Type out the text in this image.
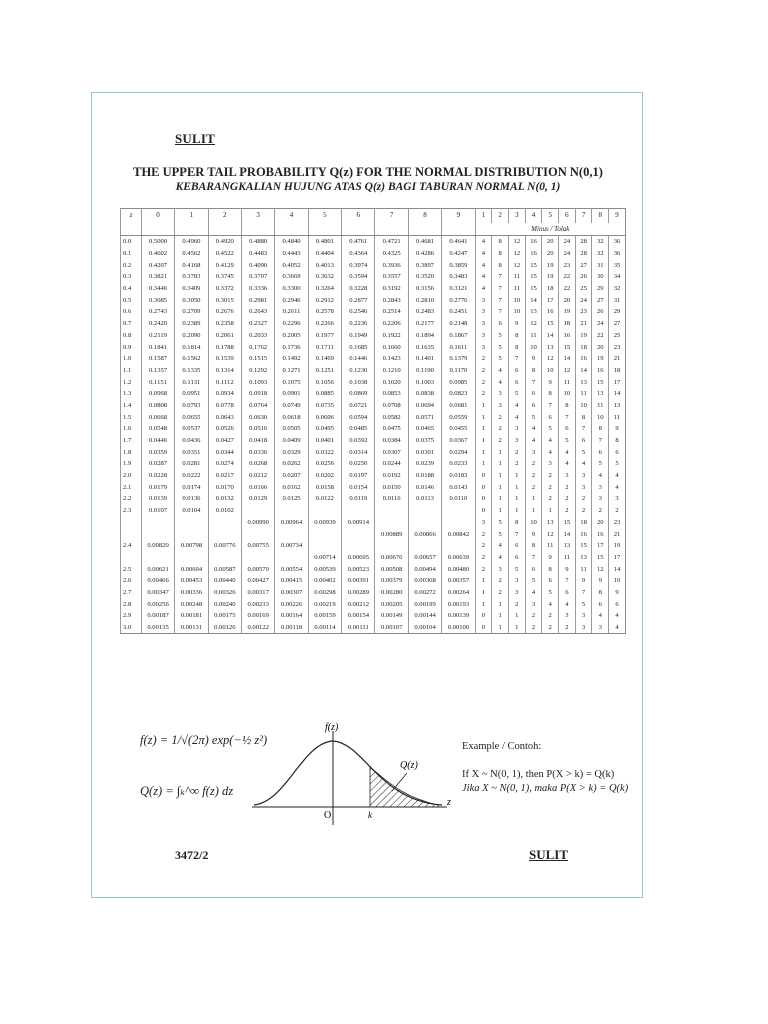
SULIT
THE UPPER TAIL PROBABILITY Q(z) FOR THE NORMAL DISTRIBUTION N(0,1)
KEBARANGKALIAN HUJUNG ATAS Q(z) BAGI TABURAN NORMAL N(0, 1)
z	0	1	2	3	4	5	6	7	8	9	1	2	3	4	5	6	7	8	9
											Minus / Tolak								
0.0	0.5000	0.4960	0.4920	0.4880	0.4840	0.4801	0.4761	0.4721	0.4681	0.4641	4	8	12	16	20	24	28	32	36
0.1	0.4602	0.4562	0.4522	0.4483	0.4443	0.4404	0.4364	0.4325	0.4286	0.4247	4	8	12	16	20	24	28	32	36
0.2	0.4207	0.4168	0.4129	0.4090	0.4052	0.4013	0.3974	0.3936	0.3897	0.3859	4	8	12	15	19	23	27	31	35
0.3	0.3821	0.3783	0.3745	0.3707	0.3669	0.3632	0.3594	0.3557	0.3520	0.3483	4	7	11	15	19	22	26	30	34
0.4	0.3446	0.3409	0.3372	0.3336	0.3300	0.3264	0.3228	0.3192	0.3156	0.3121	4	7	11	15	18	22	25	29	32
0.5	0.3085	0.3050	0.3015	0.2981	0.2946	0.2912	0.2877	0.2843	0.2810	0.2776	3	7	10	14	17	20	24	27	31
0.6	0.2743	0.2709	0.2676	0.2643	0.2611	0.2578	0.2546	0.2514	0.2483	0.2451	3	7	10	13	16	19	23	26	29
0.7	0.2420	0.2389	0.2358	0.2327	0.2296	0.2266	0.2236	0.2206	0.2177	0.2148	3	6	9	12	15	18	21	24	27
0.8	0.2119	0.2090	0.2061	0.2033	0.2005	0.1977	0.1949	0.1922	0.1894	0.1867	3	5	8	11	14	16	19	22	25
0.9	0.1841	0.1814	0.1788	0.1762	0.1736	0.1711	0.1685	0.1660	0.1635	0.1611	3	5	8	10	13	15	18	20	23
1.0	0.1587	0.1562	0.1539	0.1515	0.1492	0.1469	0.1446	0.1423	0.1401	0.1379	2	5	7	9	12	14	16	19	21
1.1	0.1357	0.1335	0.1314	0.1292	0.1271	0.1251	0.1230	0.1210	0.1190	0.1170	2	4	6	8	10	12	14	16	18
1.2	0.1151	0.1131	0.1112	0.1093	0.1075	0.1056	0.1038	0.1020	0.1003	0.0985	2	4	6	7	9	11	13	15	17
1.3	0.0968	0.0951	0.0934	0.0918	0.0901	0.0885	0.0869	0.0853	0.0838	0.0823	2	3	5	6	8	10	11	13	14
1.4	0.0808	0.0793	0.0778	0.0764	0.0749	0.0735	0.0721	0.0708	0.0694	0.0681	1	3	4	6	7	8	10	11	13
1.5	0.0668	0.0655	0.0643	0.0630	0.0618	0.0606	0.0594	0.0582	0.0571	0.0559	1	2	4	5	6	7	8	10	11
1.6	0.0548	0.0537	0.0526	0.0516	0.0505	0.0495	0.0485	0.0475	0.0465	0.0455	1	2	3	4	5	6	7	8	9
1.7	0.0446	0.0436	0.0427	0.0418	0.0409	0.0401	0.0392	0.0384	0.0375	0.0367	1	2	3	4	4	5	6	7	8
1.8	0.0359	0.0351	0.0344	0.0336	0.0329	0.0322	0.0314	0.0307	0.0301	0.0294	1	1	2	3	4	4	5	6	6
1.9	0.0287	0.0281	0.0274	0.0268	0.0262	0.0256	0.0250	0.0244	0.0239	0.0233	1	1	2	2	3	4	4	5	5
2.0	0.0228	0.0222	0.0217	0.0212	0.0207	0.0202	0.0197	0.0192	0.0188	0.0183	0	1	1	2	2	3	3	4	4
2.1	0.0179	0.0174	0.0170	0.0166	0.0162	0.0158	0.0154	0.0150	0.0146	0.0143	0	1	1	2	2	2	3	3	4
2.2	0.0139	0.0136	0.0132	0.0129	0.0125	0.0122	0.0119	0.0116	0.0113	0.0110	0	1	1	1	2	2	2	3	3
2.3	0.0107	0.0104	0.0102								0	1	1	1	1	2	2	2	2
				0.00990	0.00964	0.00939	0.00914				3	5	8	10	13	15	18	20	23
								0.00889	0.00866	0.00842	2	5	7	9	12	14	16	16	21
2.4	0.00820	0.00798	0.00776	0.00755	0.00734						2	4	6	8	11	13	15	17	19
						0.00714	0.00695	0.00676	0.00657	0.00639	2	4	6	7	9	11	13	15	17
2.5	0.00621	0.00604	0.00587	0.00570	0.00554	0.00539	0.00523	0.00508	0.00494	0.00480	2	3	5	6	8	9	11	12	14
2.6	0.00466	0.00453	0.00440	0.00427	0.00415	0.00402	0.00391	0.00379	0.00368	0.00357	1	2	3	5	6	7	9	9	10
2.7	0.00347	0.00336	0.00326	0.00317	0.00307	0.00298	0.00289	0.00280	0.00272	0.00264	1	2	3	4	5	6	7	8	9
2.8	0.00256	0.00248	0.00240	0.00233	0.00226	0.00219	0.00212	0.00205	0.00199	0.00193	1	1	2	3	4	4	5	6	6
2.9	0.00187	0.00181	0.00175	0.00169	0.00164	0.00159	0.00154	0.00149	0.00144	0.00139	0	1	1	2	2	3	3	4	4
3.0	0.00135	0.00131	0.00126	0.00122	0.00118	0.00114	0.00111	0.00107	0.00104	0.00100	0	1	1	2	2	2	3	3	4
f(z) = 1/√(2π) exp(−½ z²)
Q(z) = ∫ₖ^∞ f(z) dz
f(z)
z
O	k
Q(z)
Example / Contoh:
If X ~ N(0, 1), then P(X > k) = Q(k)
Jika X ~ N(0, 1), maka P(X > k) = Q(k)
3472/2	SULIT
